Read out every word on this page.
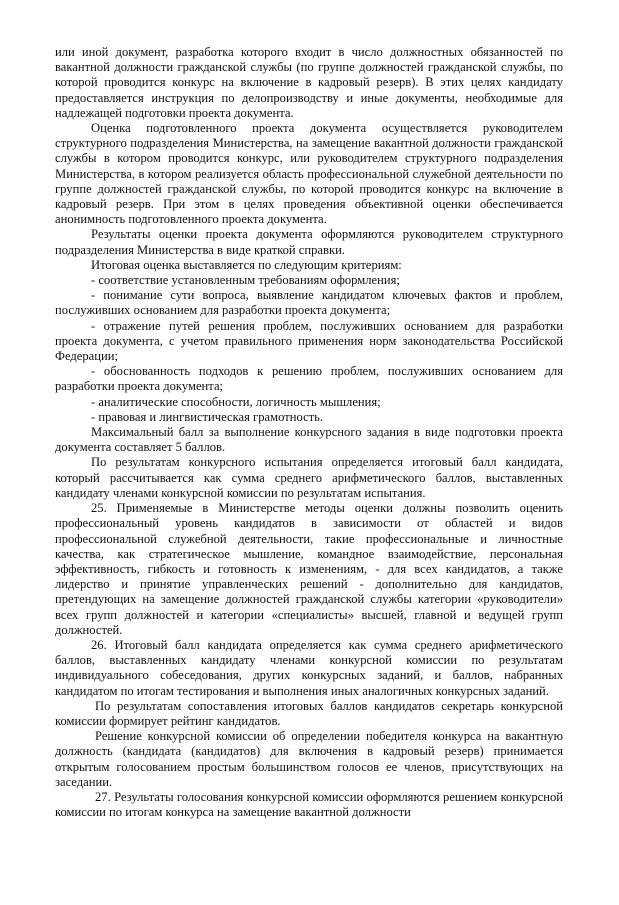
или иной документ, разработка которого входит в число должностных обязанностей по вакантной должности гражданской службы (по группе должностей гражданской службы, по которой проводится конкурс на включение в кадровый резерв). В этих целях кандидату предоставляется инструкция по делопроизводству и иные документы, необходимые для надлежащей подготовки проекта документа.

Оценка подготовленного проекта документа осуществляется руководителем структурного подразделения Министерства, на замещение вакантной должности гражданской службы в котором проводится конкурс, или руководителем структурного подразделения Министерства, в котором реализуется область профессиональной служебной деятельности по группе должностей гражданской службы, по которой проводится конкурс на включение в кадровый резерв. При этом в целях проведения объективной оценки обеспечивается анонимность подготовленного проекта документа.

Результаты оценки проекта документа оформляются руководителем структурного подразделения Министерства в виде краткой справки.

Итоговая оценка выставляется по следующим критериям:

- соответствие установленным требованиям оформления;

- понимание сути вопроса, выявление кандидатом ключевых фактов и проблем, послуживших основанием для разработки проекта документа;

- отражение путей решения проблем, послуживших основанием для разработки проекта документа, с учетом правильного применения норм законодательства Российской Федерации;

- обоснованность подходов к решению проблем, послуживших основанием для разработки проекта документа;

- аналитические способности, логичность мышления;

- правовая и лингвистическая грамотность.

Максимальный балл за выполнение конкурсного задания в виде подготовки проекта документа составляет 5 баллов.

По результатам конкурсного испытания определяется итоговый балл кандидата, который рассчитывается как сумма среднего арифметического баллов, выставленных кандидату членами конкурсной комиссии по результатам испытания.

25. Применяемые в Министерстве методы оценки должны позволить оценить профессиональный уровень кандидатов в зависимости от областей и видов профессиональной служебной деятельности, такие профессиональные и личностные качества, как стратегическое мышление, командное взаимодействие, персональная эффективность, гибкость и готовность к изменениям, - для всех кандидатов, а также лидерство и принятие управленческих решений - дополнительно для кандидатов, претендующих на замещение должностей гражданской службы категории «руководители» всех групп должностей и категории «специалисты» высшей, главной и ведущей групп должностей.

26. Итоговый балл кандидата определяется как сумма среднего арифметического баллов, выставленных кандидату членами конкурсной комиссии по результатам индивидуального собеседования, других конкурсных заданий, и баллов, набранных кандидатом по итогам тестирования и выполнения иных аналогичных конкурсных заданий.

По результатам сопоставления итоговых баллов кандидатов секретарь конкурсной комиссии формирует рейтинг кандидатов.

Решение конкурсной комиссии об определении победителя конкурса на вакантную должность (кандидата (кандидатов) для включения в кадровый резерв) принимается открытым голосованием простым большинством голосов ее членов, присутствующих на заседании.

27. Результаты голосования конкурсной комиссии оформляются решением конкурсной комиссии по итогам конкурса на замещение вакантной должности
